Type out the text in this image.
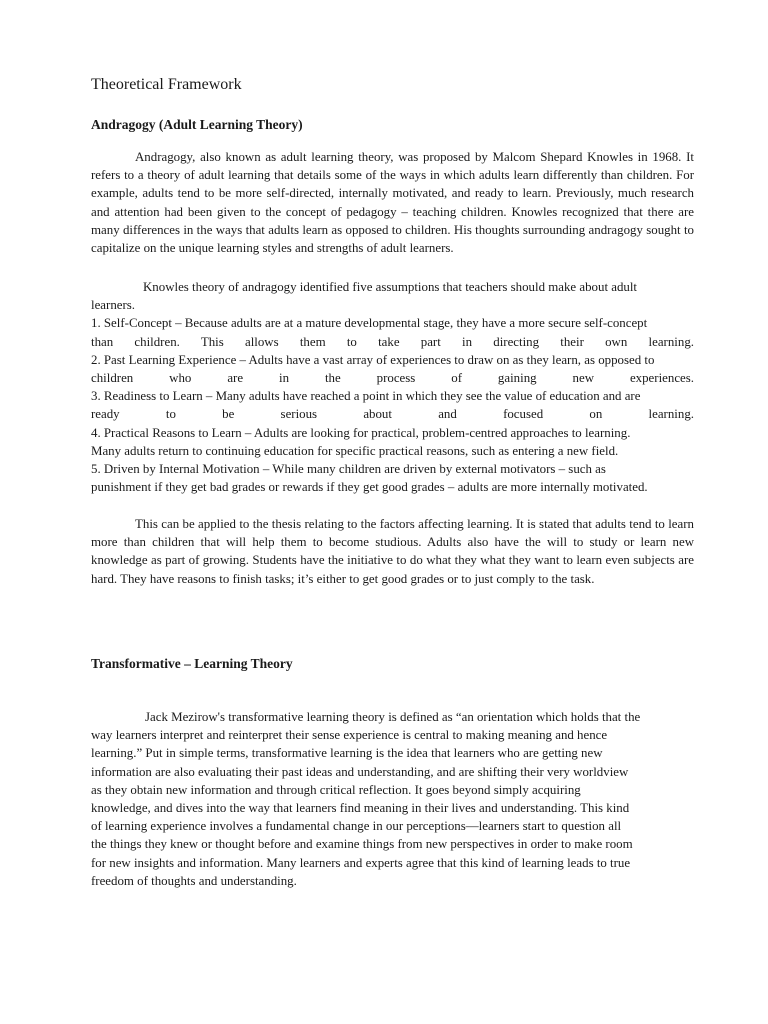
Theoretical Framework
Andragogy (Adult Learning Theory)

Andragogy, also known as adult learning theory, was proposed by Malcom Shepard Knowles in 1968. It refers to a theory of adult learning that details some of the ways in which adults learn differently than children. For example, adults tend to be more self-directed, internally motivated, and ready to learn. Previously, much research and attention had been given to the concept of pedagogy – teaching children. Knowles recognized that there are many differences in the ways that adults learn as opposed to children. His thoughts surrounding andragogy sought to capitalize on the unique learning styles and strengths of adult learners.

Knowles theory of andragogy identified five assumptions that teachers should make about adult
learners.
1. Self-Concept – Because adults are at a mature developmental stage, they have a more secure self-concept
than children. This allows them to take part in directing their own learning.
2. Past Learning Experience – Adults have a vast array of experiences to draw on as they learn, as opposed to
children who are in the process of gaining new experiences.
3. Readiness to Learn – Many adults have reached a point in which they see the value of education and are
ready to be serious about and focused on learning.
4. Practical Reasons to Learn – Adults are looking for practical, problem-centred approaches to learning.
Many adults return to continuing education for specific practical reasons, such as entering a new field.
5. Driven by Internal Motivation – While many children are driven by external motivators – such as
punishment if they get bad grades or rewards if they get good grades – adults are more internally motivated.

This can be applied to the thesis relating to the factors affecting learning. It is stated that adults tend to learn more than children that will help them to become studious. Adults also have the will to study or learn new knowledge as part of growing. Students have the initiative to do what they what they want to learn even subjects are hard. They have reasons to finish tasks; it’s either to get good grades or to just comply to the task.

Transformative – Learning Theory
Jack Mezirow's transformative learning theory is defined as “an orientation which holds that the
way learners interpret and reinterpret their sense experience is central to making meaning and hence
learning.” Put in simple terms, transformative learning is the idea that learners who are getting new
information are also evaluating their past ideas and understanding, and are shifting their very worldview
as they obtain new information and through critical reflection. It goes beyond simply acquiring
knowledge, and dives into the way that learners find meaning in their lives and understanding. This kind
of learning experience involves a fundamental change in our perceptions—learners start to question all
the things they knew or thought before and examine things from new perspectives in order to make room
for new insights and information. Many learners and experts agree that this kind of learning leads to true
freedom of thoughts and understanding.
